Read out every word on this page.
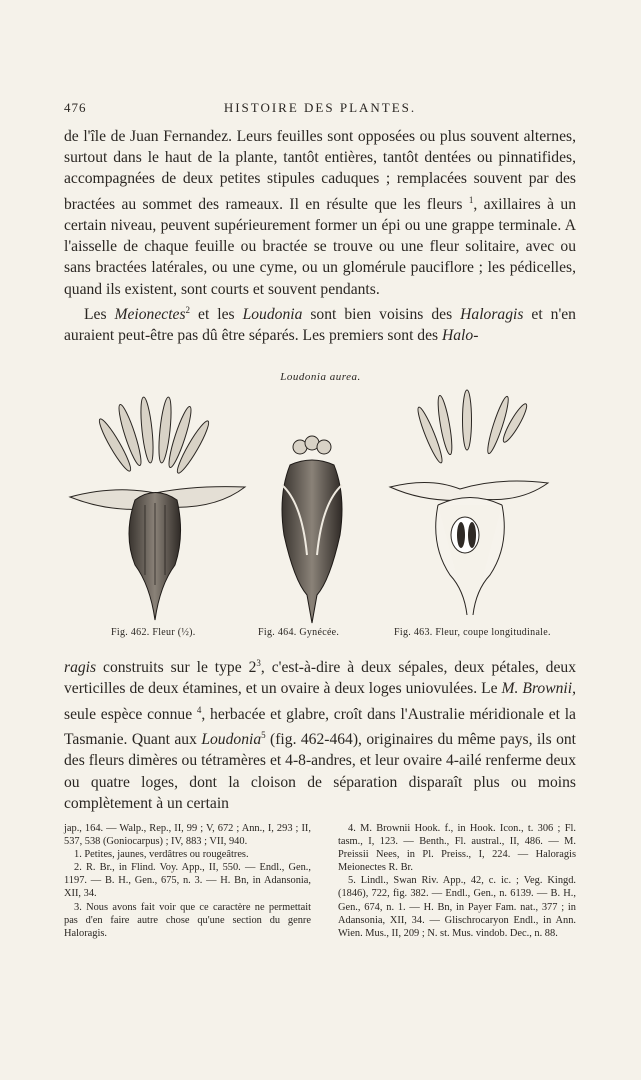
476	HISTOIRE DES PLANTES.

de l'île de Juan Fernandez. Leurs feuilles sont opposées ou plus souvent alternes, surtout dans le haut de la plante, tantôt entières, tantôt dentées ou pinnatifides, accompagnées de deux petites stipules caduques ; remplacées souvent par des bractées au sommet des rameaux. Il en résulte que les fleurs $^1$, axillaires à un certain niveau, peuvent supérieurement former un épi ou une grappe terminale. A l'aisselle de chaque feuille ou bractée se trouve ou une fleur solitaire, avec ou sans bractées latérales, ou une cyme, ou un glomérule pauciflore ; les pédicelles, quand ils existent, sont courts et souvent pendants.

Les Meionectes$^2$ et les Loudonia sont bien voisins des Haloragis et n'en auraient peut-être pas dû être séparés. Les premiers sont des Halo-

Loudonia aurea.
Fig. 462. Fleur (½).	Fig. 464. Gynécée.	Fig. 463. Fleur, coupe longitudinale.

ragis construits sur le type $2^3$, c'est-à-dire à deux sépales, deux pétales, deux verticilles de deux étamines, et un ovaire à deux loges uniovulées. Le M. Brownii, seule espèce connue $^4$, herbacée et glabre, croît dans l'Australie méridionale et la Tasmanie. Quant aux Loudonia$^5$ (fig. 462-464), originaires du même pays, ils ont des fleurs dimères ou tétramères et 4-8-andres, et leur ovaire 4-ailé renferme deux ou quatre loges, dont la cloison de séparation disparaît plus ou moins complètement à un certain

jap., 164. — Walp., Rep., II, 99 ; V, 672 ; Ann., I, 293 ; II, 537, 538 (Goniocarpus) ; IV, 883 ; VII, 940.

1. Petites, jaunes, verdâtres ou rougeâtres.

2. R. Br., in Flind. Voy. App., II, 550. — Endl., Gen., 1197. — B. H., Gen., 675, n. 3. — H. Bn, in Adansonia, XII, 34.

3. Nous avons fait voir que ce caractère ne permettait pas d'en faire autre chose qu'une section du genre Haloragis.

4. M. Brownii Hook. f., in Hook. Icon., t. 306 ; Fl. tasm., I, 123. — Benth., Fl. austral., II, 486. — M. Preissii Nees, in Pl. Preiss., I, 224. — Haloragis Meionectes R. Br.

5. Lindl., Swan Riv. App., 42, c. ic. ; Veg. Kingd. (1846), 722, fig. 382. — Endl., Gen., n. 6139. — B. H., Gen., 674, n. 1. — H. Bn, in Payer Fam. nat., 377 ; in Adansonia, XII, 34. — Glischrocaryon Endl., in Ann. Wien. Mus., II, 209 ; N. st. Mus. vindob. Dec., n. 88.
